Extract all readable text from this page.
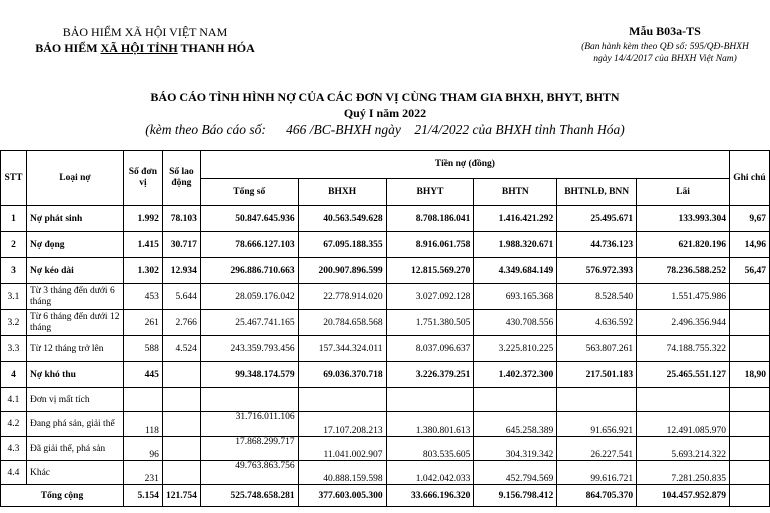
BẢO HIỂM XÃ HỘI VIỆT NAM
BẢO HIỂM XÃ HỘI TỈNH THANH HÓA
Mẫu B03a-TS
(Ban hành kèm theo QĐ số: 595/QĐ-BHXH
ngày 14/4/2017 của BHXH Việt Nam)
BÁO CÁO TÌNH HÌNH NỢ CỦA CÁC ĐƠN VỊ CÙNG THAM GIA BHXH, BHYT, BHTN
Quý I năm 2022
(kèm theo Báo cáo số:      466 /BC-BHXH ngày    21/4/2022 của BHXH tỉnh Thanh Hóa)
STT	Loại nợ	Số đơn vị	Số lao động	Tiền nợ (đồng)						Ghi chú
				Tổng số	BHXH	BHYT	BHTN	BHTNLĐ, BNN	Lãi	
1	Nợ phát sinh	1.992	78.103	50.847.645.936	40.563.549.628	8.708.186.041	1.416.421.292	25.495.671	133.993.304	9,67
2	Nợ đọng	1.415	30.717	78.666.127.103	67.095.188.355	8.916.061.758	1.988.320.671	44.736.123	621.820.196	14,96
3	Nợ kéo dài	1.302	12.934	296.886.710.663	200.907.896.599	12.815.569.270	4.349.684.149	576.972.393	78.236.588.252	56,47
3.1	Từ 3 tháng đến dưới 6 tháng	453	5.644	28.059.176.042	22.778.914.020	3.027.092.128	693.165.368	8.528.540	1.551.475.986	
3.2	Từ 6 tháng đến dưới 12 tháng	261	2.766	25.467.741.165	20.784.658.568	1.751.380.505	430.708.556	4.636.592	2.496.356.944	
3.3	Từ 12 tháng trở lên	588	4.524	243.359.793.456	157.344.324.011	8.037.096.637	3.225.810.225	563.807.261	74.188.755.322	
4	Nợ khó thu	445		99.348.174.579	69.036.370.718	3.226.379.251	1.402.372.300	217.501.183	25.465.551.127	18,90
4.1	Đơn vị mất tích									
4.2	Đang phá sản, giải thể	118		31.716.011.106	17.107.208.213	1.380.801.613	645.258.389	91.656.921	12.491.085.970	
4.3	Đã giải thể, phá sản	96		17.868.299.717	11.041.002.907	803.535.605	304.319.342	26.227.541	5.693.214.322	
4.4	Khác	231		49.763.863.756	40.888.159.598	1.042.042.033	452.794.569	99.616.721	7.281.250.835	
Tổng cộng		5.154	121.754	525.748.658.281	377.603.005.300	33.666.196.320	9.156.798.412	864.705.370	104.457.952.879	
